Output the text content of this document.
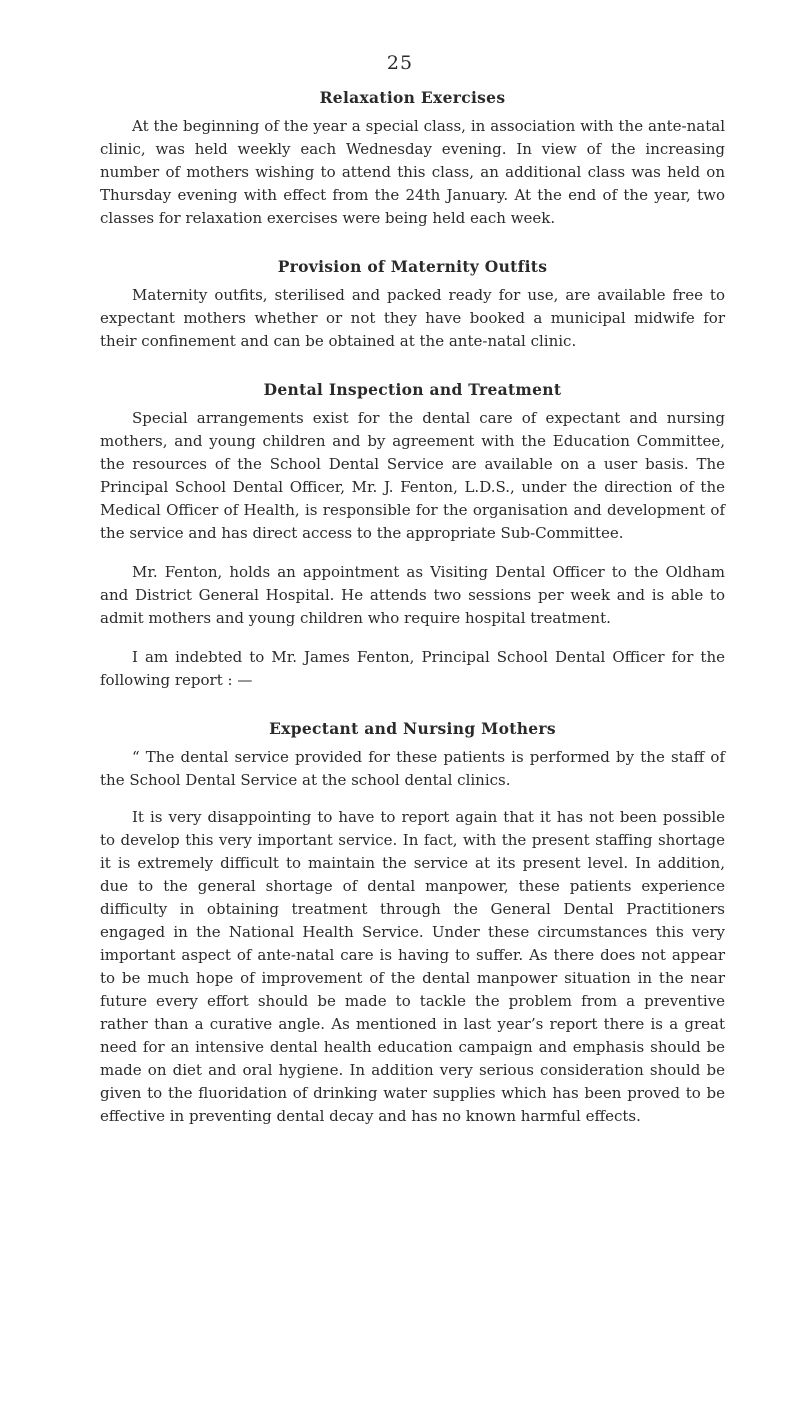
25
Relaxation Exercises

At the beginning of the year a special class, in association with the ante-natal clinic, was held weekly each Wednesday evening. In view of the increasing number of mothers wishing to attend this class, an additional class was held on Thursday evening with effect from the 24th January. At the end of the year, two classes for relaxation exercises were being held each week.

Provision of Maternity Outfits

Maternity outfits, sterilised and packed ready for use, are available free to expectant mothers whether or not they have booked a municipal midwife for their confinement and can be obtained at the ante-natal clinic.

Dental Inspection and Treatment

Special arrangements exist for the dental care of expectant and nursing mothers, and young children and by agreement with the Education Committee, the resources of the School Dental Service are available on a user basis. The Principal School Dental Officer, Mr. J. Fenton, L.D.S., under the direction of the Medical Officer of Health, is responsible for the organisation and development of the service and has direct access to the appropriate Sub-Committee.

Mr. Fenton, holds an appointment as Visiting Dental Officer to the Oldham and District General Hospital. He attends two sessions per week and is able to admit mothers and young children who require hospital treatment.

I am indebted to Mr. James Fenton, Principal School Dental Officer for the following report : —

Expectant and Nursing Mothers

“ The dental service provided for these patients is performed by the staff of the School Dental Service at the school dental clinics.

It is very disappointing to have to report again that it has not been possible to develop this very important service. In fact, with the present staffing shortage it is extremely difficult to maintain the service at its present level. In addition, due to the general shortage of dental manpower, these patients experience difficulty in obtaining treatment through the General Dental Practitioners engaged in the National Health Service. Under these circumstances this very important aspect of ante-natal care is having to suffer. As there does not appear to be much hope of improvement of the dental manpower situation in the near future every effort should be made to tackle the problem from a preventive rather than a curative angle. As mentioned in last year’s report there is a great need for an intensive dental health education campaign and emphasis should be made on diet and oral hygiene. In addition very serious consideration should be given to the fluoridation of drinking water supplies which has been proved to be effective in preventing dental decay and has no known harmful effects.
